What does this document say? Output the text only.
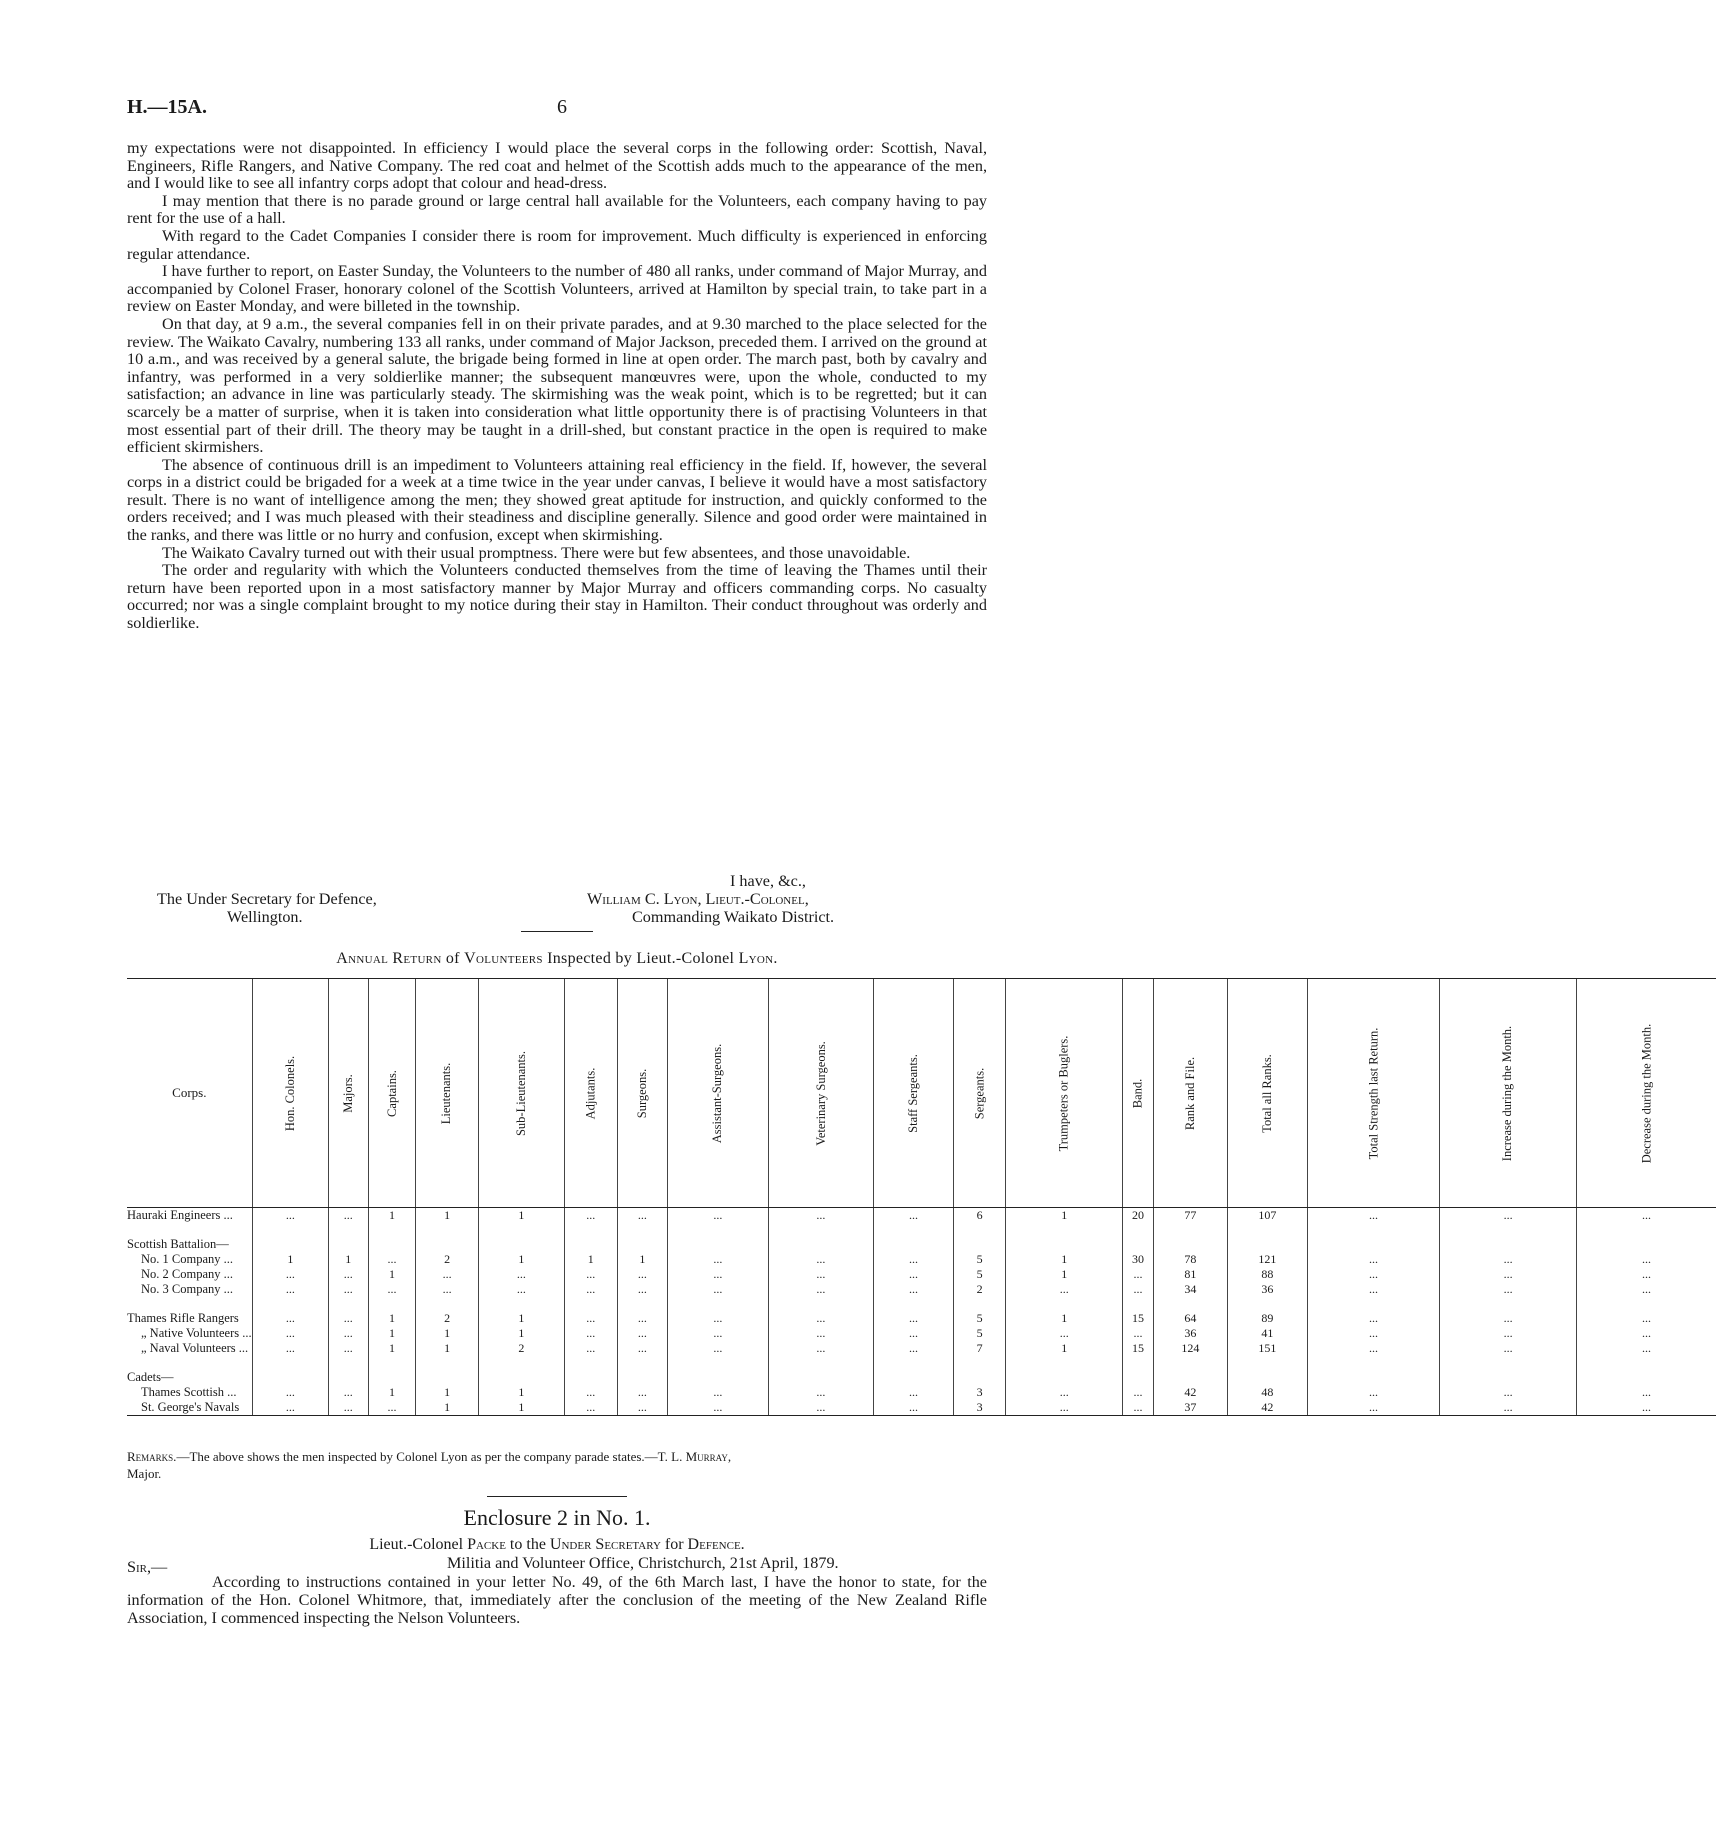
H.—15A.	6

my expectations were not disappointed. In efficiency I would place the several corps in the following order: Scottish, Naval, Engineers, Rifle Rangers, and Native Company. The red coat and helmet of the Scottish adds much to the appearance of the men, and I would like to see all infantry corps adopt that colour and head-dress.

I may mention that there is no parade ground or large central hall available for the Volunteers, each company having to pay rent for the use of a hall.

With regard to the Cadet Companies I consider there is room for improvement. Much difficulty is experienced in enforcing regular attendance.

I have further to report, on Easter Sunday, the Volunteers to the number of 480 all ranks, under command of Major Murray, and accompanied by Colonel Fraser, honorary colonel of the Scottish Volunteers, arrived at Hamilton by special train, to take part in a review on Easter Monday, and were billeted in the township.

On that day, at 9 a.m., the several companies fell in on their private parades, and at 9.30 marched to the place selected for the review. The Waikato Cavalry, numbering 133 all ranks, under command of Major Jackson, preceded them. I arrived on the ground at 10 a.m., and was received by a general salute, the brigade being formed in line at open order. The march past, both by cavalry and infantry, was performed in a very soldierlike manner; the subsequent manœuvres were, upon the whole, conducted to my satisfaction; an advance in line was particularly steady. The skirmishing was the weak point, which is to be regretted; but it can scarcely be a matter of surprise, when it is taken into consideration what little opportunity there is of practising Volunteers in that most essential part of their drill. The theory may be taught in a drill-shed, but constant practice in the open is required to make efficient skirmishers.

The absence of continuous drill is an impediment to Volunteers attaining real efficiency in the field. If, however, the several corps in a district could be brigaded for a week at a time twice in the year under canvas, I believe it would have a most satisfactory result. There is no want of intelligence among the men; they showed great aptitude for instruction, and quickly conformed to the orders received; and I was much pleased with their steadiness and discipline generally. Silence and good order were maintained in the ranks, and there was little or no hurry and confusion, except when skirmishing.

The Waikato Cavalry turned out with their usual promptness. There were but few absentees, and those unavoidable.

The order and regularity with which the Volunteers conducted themselves from the time of leaving the Thames until their return have been reported upon in a most satisfactory manner by Major Murray and officers commanding corps. No casualty occurred; nor was a single complaint brought to my notice during their stay in Hamilton. Their conduct throughout was orderly and soldierlike.

I have, &c.,
The Under Secretary for Defence,
Wellington.
William C. Lyon, Lieut.-Colonel,
Commanding Waikato District.
Annual Return of Volunteers Inspected by Lieut.-Colonel Lyon.
Corps.	Hon. Colonels.	Majors.	Captains.	Lieutenants.	Sub-Lieutenants.	Adjutants.	Surgeons.	Assistant-Surgeons.	Veterinary Surgeons.	Staff Sergeants.	Sergeants.	Trumpeters or Buglers.	Band.	Rank and File.	Total all Ranks.	Total Strength last Return.	Increase during the Month.	Decrease during the Month.
Hauraki Engineers ...	...	...	1	1	1	...	...	...	...	...	6	1	20	77	107	...	...	...

Scottish Battalion—																		
No. 1 Company ...	1	1	...	2	1	1	1	...	...	...	5	1	30	78	121	...	...	...
No. 2 Company ...	...	...	1	...	...	...	...	...	...	...	5	1	...	81	88	...	...	...
No. 3 Company ...	...	...	...	...	...	...	...	...	...	...	2	...	...	34	36	...	...	...

Thames Rifle Rangers	...	...	1	2	1	...	...	...	...	...	5	1	15	64	89	...	...	...
„ Native Volunteers ...	...	...	1	1	1	...	...	...	...	...	5	...	...	36	41	...	...	...
„ Naval Volunteers ...	...	...	1	1	2	...	...	...	...	...	7	1	15	124	151	...	...	...

Cadets—																		
Thames Scottish ...	...	...	1	1	1	...	...	...	...	...	3	...	...	42	48	...	...	...
St. George's Navals	...	...	...	1	1	...	...	...	...	...	3	...	...	37	42	...	...	...
Remarks.—The above shows the men inspected by Colonel Lyon as per the company parade states.—T. L. Murray,
Major.
Enclosure 2 in No. 1.
Lieut.-Colonel Packe to the Under Secretary for Defence.
Sir,—	Militia and Volunteer Office, Christchurch, 21st April, 1879.

According to instructions contained in your letter No. 49, of the 6th March last, I have the honor to state, for the information of the Hon. Colonel Whitmore, that, immediately after the conclusion of the meeting of the New Zealand Rifle Association, I commenced inspecting the Nelson Volunteers.
